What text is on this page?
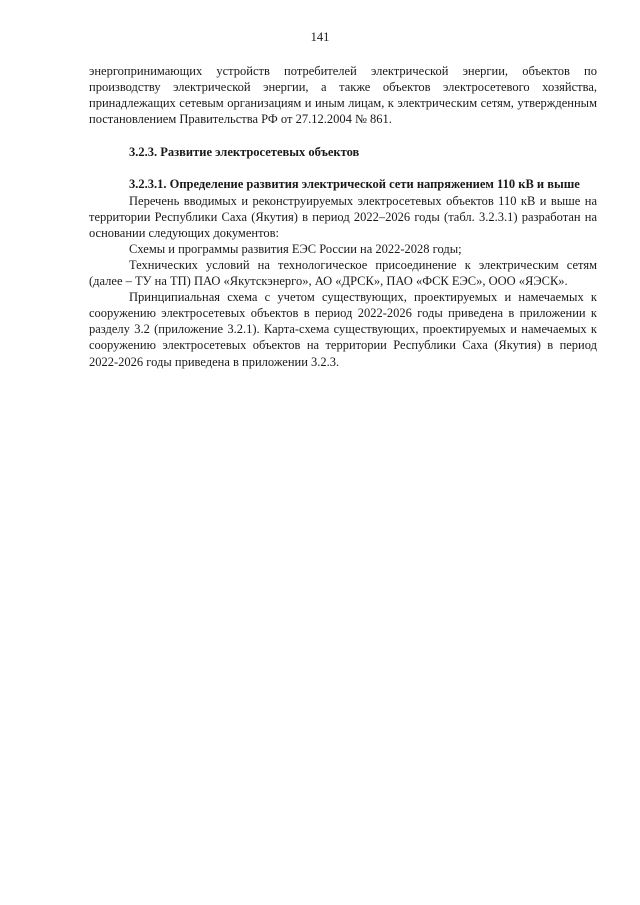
141

энергопринимающих устройств потребителей электрической энергии, объектов по производству электрической энергии, а также объектов электросетевого хозяйства, принадлежащих сетевым организациям и иным лицам, к электрическим сетям, утвержденным постановлением Правительства РФ от 27.12.2004 № 861.

3.2.3. Развитие электросетевых объектов

3.2.3.1. Определение развития электрической сети напряжением 110 кВ и выше

Перечень вводимых и реконструируемых электросетевых объектов 110 кВ и выше на территории Республики Саха (Якутия) в период 2022–2026 годы (табл. 3.2.3.1) разработан на основании следующих документов:

Схемы и программы развития ЕЭС России на 2022-2028 годы;

Технических условий на технологическое присоединение к электрическим сетям (далее – ТУ на ТП) ПАО «Якутскэнерго», АО «ДРСК», ПАО «ФСК ЕЭС», ООО «ЯЭСК».

Принципиальная схема с учетом существующих, проектируемых и намечаемых к сооружению электросетевых объектов в период 2022-2026 годы приведена в приложении к разделу 3.2 (приложение 3.2.1). Карта-схема существующих, проектируемых и намечаемых к сооружению электросетевых объектов на территории Республики Саха (Якутия) в период 2022-2026 годы приведена в приложении 3.2.3.
